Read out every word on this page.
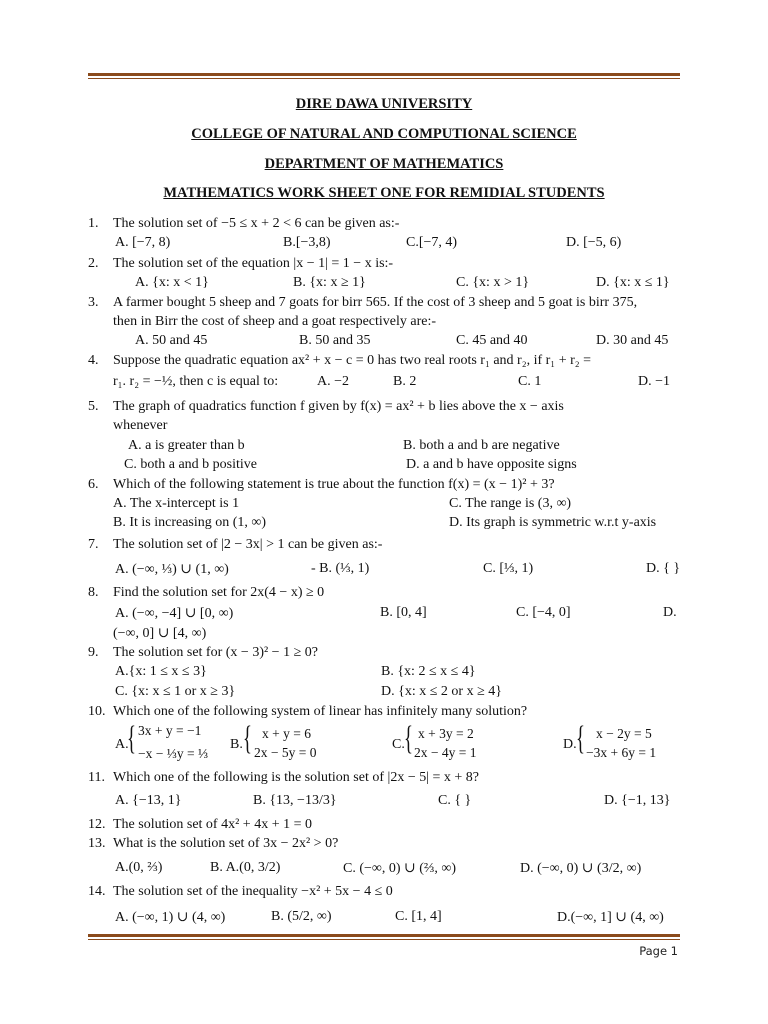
DIRE DAWA UNIVERSITY
COLLEGE OF NATURAL AND COMPUTIONAL SCIENCE
DEPARTMENT OF MATHEMATICS
MATHEMATICS WORK SHEET ONE FOR REMIDIAL STUDENTS
1. The solution set of −5 ≤ x + 2 < 6 can be given as:-
A. [−7, 8)	B.[−3,8)	C.[−7, 4)	D. [−5, 6)
2. The solution set of the equation |x − 1| = 1 − x is:-
A. {x: x < 1}	B. {x: x ≥ 1}	C. {x: x > 1}	D. {x: x ≤ 1}
3. A farmer bought 5 sheep and 7 goats for birr 565. If the cost of 3 sheep and 5 goat is birr 375,
then in Birr the cost of sheep and a goat respectively are:-
A. 50 and 45	B. 50 and 35	C. 45 and 40	D. 30 and 45
4. Suppose the quadratic equation ax² + x − c = 0 has two real roots r₁ and r₂, if r₁ + r₂ =
r₁. r₂ = −½, then c is equal to:	A. −2	B. 2	C. 1	D. −1
5. The graph of quadratics function f given by f(x) = ax² + b lies above the x − axis
whenever
A. a is greater than b	B. both a and b are negative
C. both a and b positive	D. a and b have opposite signs
6. Which of the following statement is true about the function f(x) = (x − 1)² + 3?
A. The x-intercept is 1	C. The range is (3, ∞)
B. It is increasing on (1, ∞)	D. Its graph is symmetric w.r.t y-axis
7. The solution set of |2 − 3x| > 1 can be given as:-
A. (−∞, ⅓) ∪ (1, ∞)	- B. (⅓, 1)	C. [⅓, 1)	D. { }
8. Find the solution set for 2x(4 − x) ≥ 0
A. (−∞, −4] ∪ [0, ∞)	B. [0, 4]	C. [−4, 0]	D.
(−∞, 0] ∪ [4, ∞)
9. The solution set for (x − 3)² − 1 ≥ 0?
A.{x: 1 ≤ x ≤ 3}	B. {x: 2 ≤ x ≤ 4}
C. {x: x ≤ 1 or x ≥ 3}	D. {x: x ≤ 2 or x ≥ 4}
10. Which one of the following system of linear has infinitely many solution?
A.
{ 3x + y = −1
−x − ⅓y = ⅓
B. { x + y = 6
2x − 5y = 0
C. { x + 3y = 2
2x − 4y = 1
D. { x − 2y = 5
−3x + 6y = 1
11. Which one of the following is the solution set of |2x − 5| = x + 8?
A. {−13, 1}	B. {13, −13/3}	C. { }	D. {−1, 13}
12. The solution set of 4x² + 4x + 1 = 0
13. What is the solution set of 3x − 2x² > 0?
A.(0, ⅔)	B. A.(0, 3/2)	C. (−∞, 0) ∪ (⅔, ∞)	D. (−∞, 0) ∪ (3/2, ∞)
14. The solution set of the inequality −x² + 5x − 4 ≤ 0
A. (−∞, 1) ∪ (4, ∞)	B. (5/2, ∞)	C. [1, 4]	D.(−∞, 1] ∪ (4, ∞)
Page 1
